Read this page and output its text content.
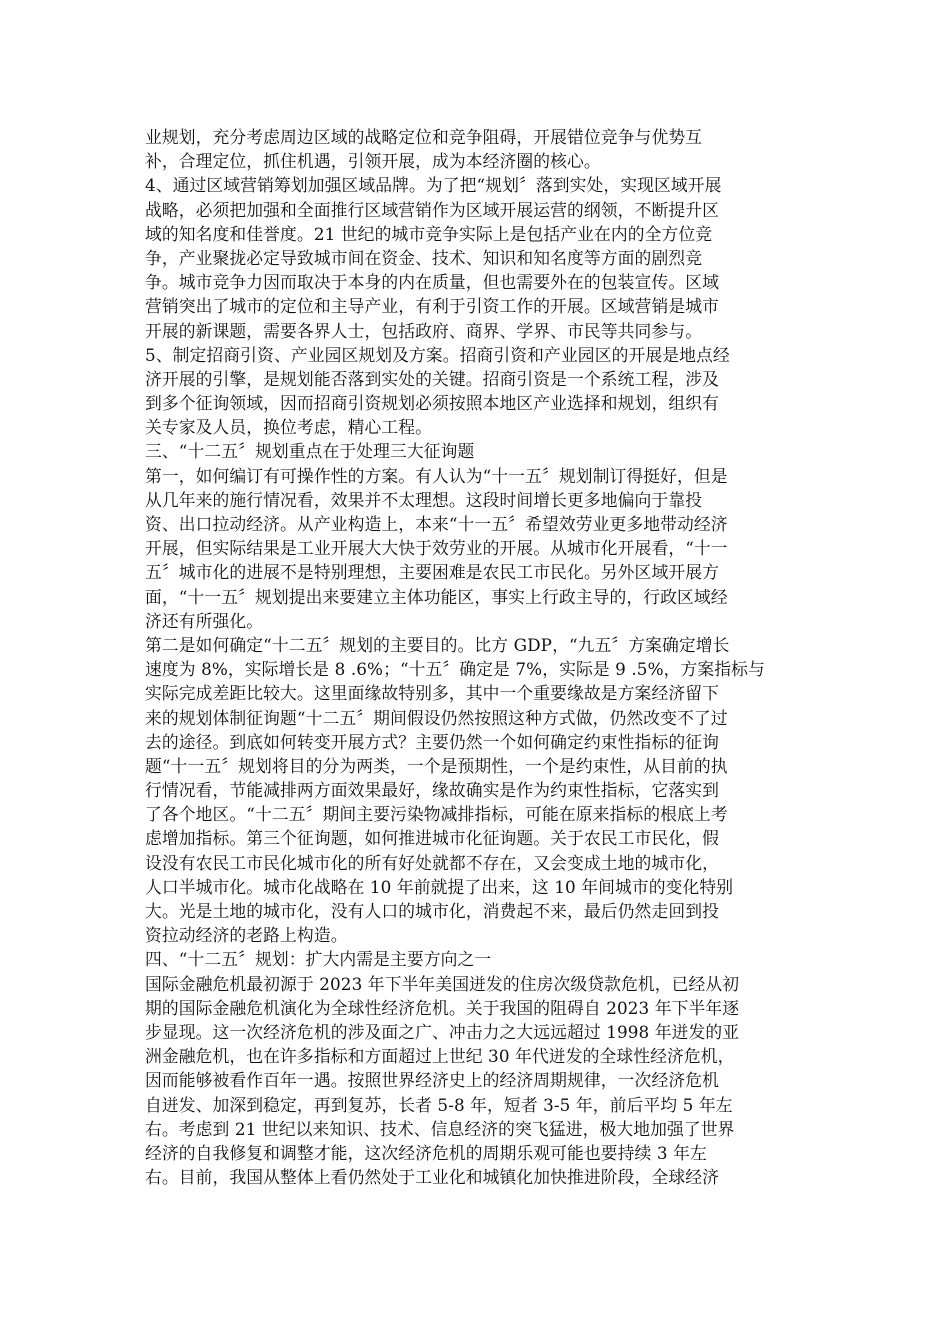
业规划，充分考虑周边区域的战略定位和竞争阻碍，开展错位竞争与优势互
补，合理定位，抓住机遇，引领开展，成为本经济圈的核心。
4、通过区域营销筹划加强区域品牌。为了把“规划〞落到实处，实现区域开展
战略，必须把加强和全面推行区域营销作为区域开展运营的纲领，不断提升区
域的知名度和佳誉度。21 世纪的城市竞争实际上是包括产业在内的全方位竞
争，产业聚拢必定导致城市间在资金、技术、知识和知名度等方面的剧烈竞
争。城市竞争力因而取决于本身的内在质量，但也需要外在的包装宣传。区域
营销突出了城市的定位和主导产业，有利于引资工作的开展。区域营销是城市
开展的新课题，需要各界人士，包括政府、商界、学界、市民等共同参与。
5、制定招商引资、产业园区规划及方案。招商引资和产业园区的开展是地点经
济开展的引擎，是规划能否落到实处的关键。招商引资是一个系统工程，涉及
到多个征询领域，因而招商引资规划必须按照本地区产业选择和规划，组织有
关专家及人员，换位考虑，精心工程。
三、“十二五〞规划重点在于处理三大征询题
第一，如何编订有可操作性的方案。有人认为“十一五〞规划制订得挺好，但是
从几年来的施行情况看，效果并不太理想。这段时间增长更多地偏向于靠投
资、出口拉动经济。从产业构造上，本来“十一五〞希望效劳业更多地带动经济
开展，但实际结果是工业开展大大快于效劳业的开展。从城市化开展看，“十一
五〞城市化的进展不是特别理想，主要困难是农民工市民化。另外区域开展方
面，“十一五〞规划提出来要建立主体功能区，事实上行政主导的，行政区域经
济还有所强化。
第二是如何确定“十二五〞规划的主要目的。比方 GDP，“九五〞方案确定增长
速度为 8%，实际增长是 8 .6%；“十五〞确定是 7%，实际是 9 .5%，方案指标与
实际完成差距比较大。这里面缘故特别多，其中一个重要缘故是方案经济留下
来的规划体制征询题“十二五〞期间假设仍然按照这种方式做，仍然改变不了过
去的途径。到底如何转变开展方式？主要仍然一个如何确定约束性指标的征询
题“十一五〞规划将目的分为两类，一个是预期性，一个是约束性，从目前的执
行情况看，节能减排两方面效果最好，缘故确实是作为约束性指标，它落实到
了各个地区。“十二五〞期间主要污染物减排指标，可能在原来指标的根底上考
虑增加指标。第三个征询题，如何推进城市化征询题。关于农民工市民化，假
设没有农民工市民化城市化的所有好处就都不存在，又会变成土地的城市化，
人口半城市化。城市化战略在 10 年前就提了出来，这 10 年间城市的变化特别
大。光是土地的城市化，没有人口的城市化，消费起不来，最后仍然走回到投
资拉动经济的老路上构造。
四、“十二五〞规划：扩大内需是主要方向之一
国际金融危机最初源于 2023 年下半年美国迸发的住房次级贷款危机，已经从初
期的国际金融危机演化为全球性经济危机。关于我国的阻碍自 2023 年下半年逐
步显现。这一次经济危机的涉及面之广、冲击力之大远远超过 1998 年迸发的亚
洲金融危机，也在许多指标和方面超过上世纪 30 年代迸发的全球性经济危机，
因而能够被看作百年一遇。按照世界经济史上的经济周期规律，一次经济危机
自迸发、加深到稳定，再到复苏，长者 5-8 年，短者 3-5 年，前后平均 5 年左
右。考虑到 21 世纪以来知识、技术、信息经济的突飞猛进，极大地加强了世界
经济的自我修复和调整才能，这次经济危机的周期乐观可能也要持续 3 年左
右。目前，我国从整体上看仍然处于工业化和城镇化加快推进阶段，全球经济
